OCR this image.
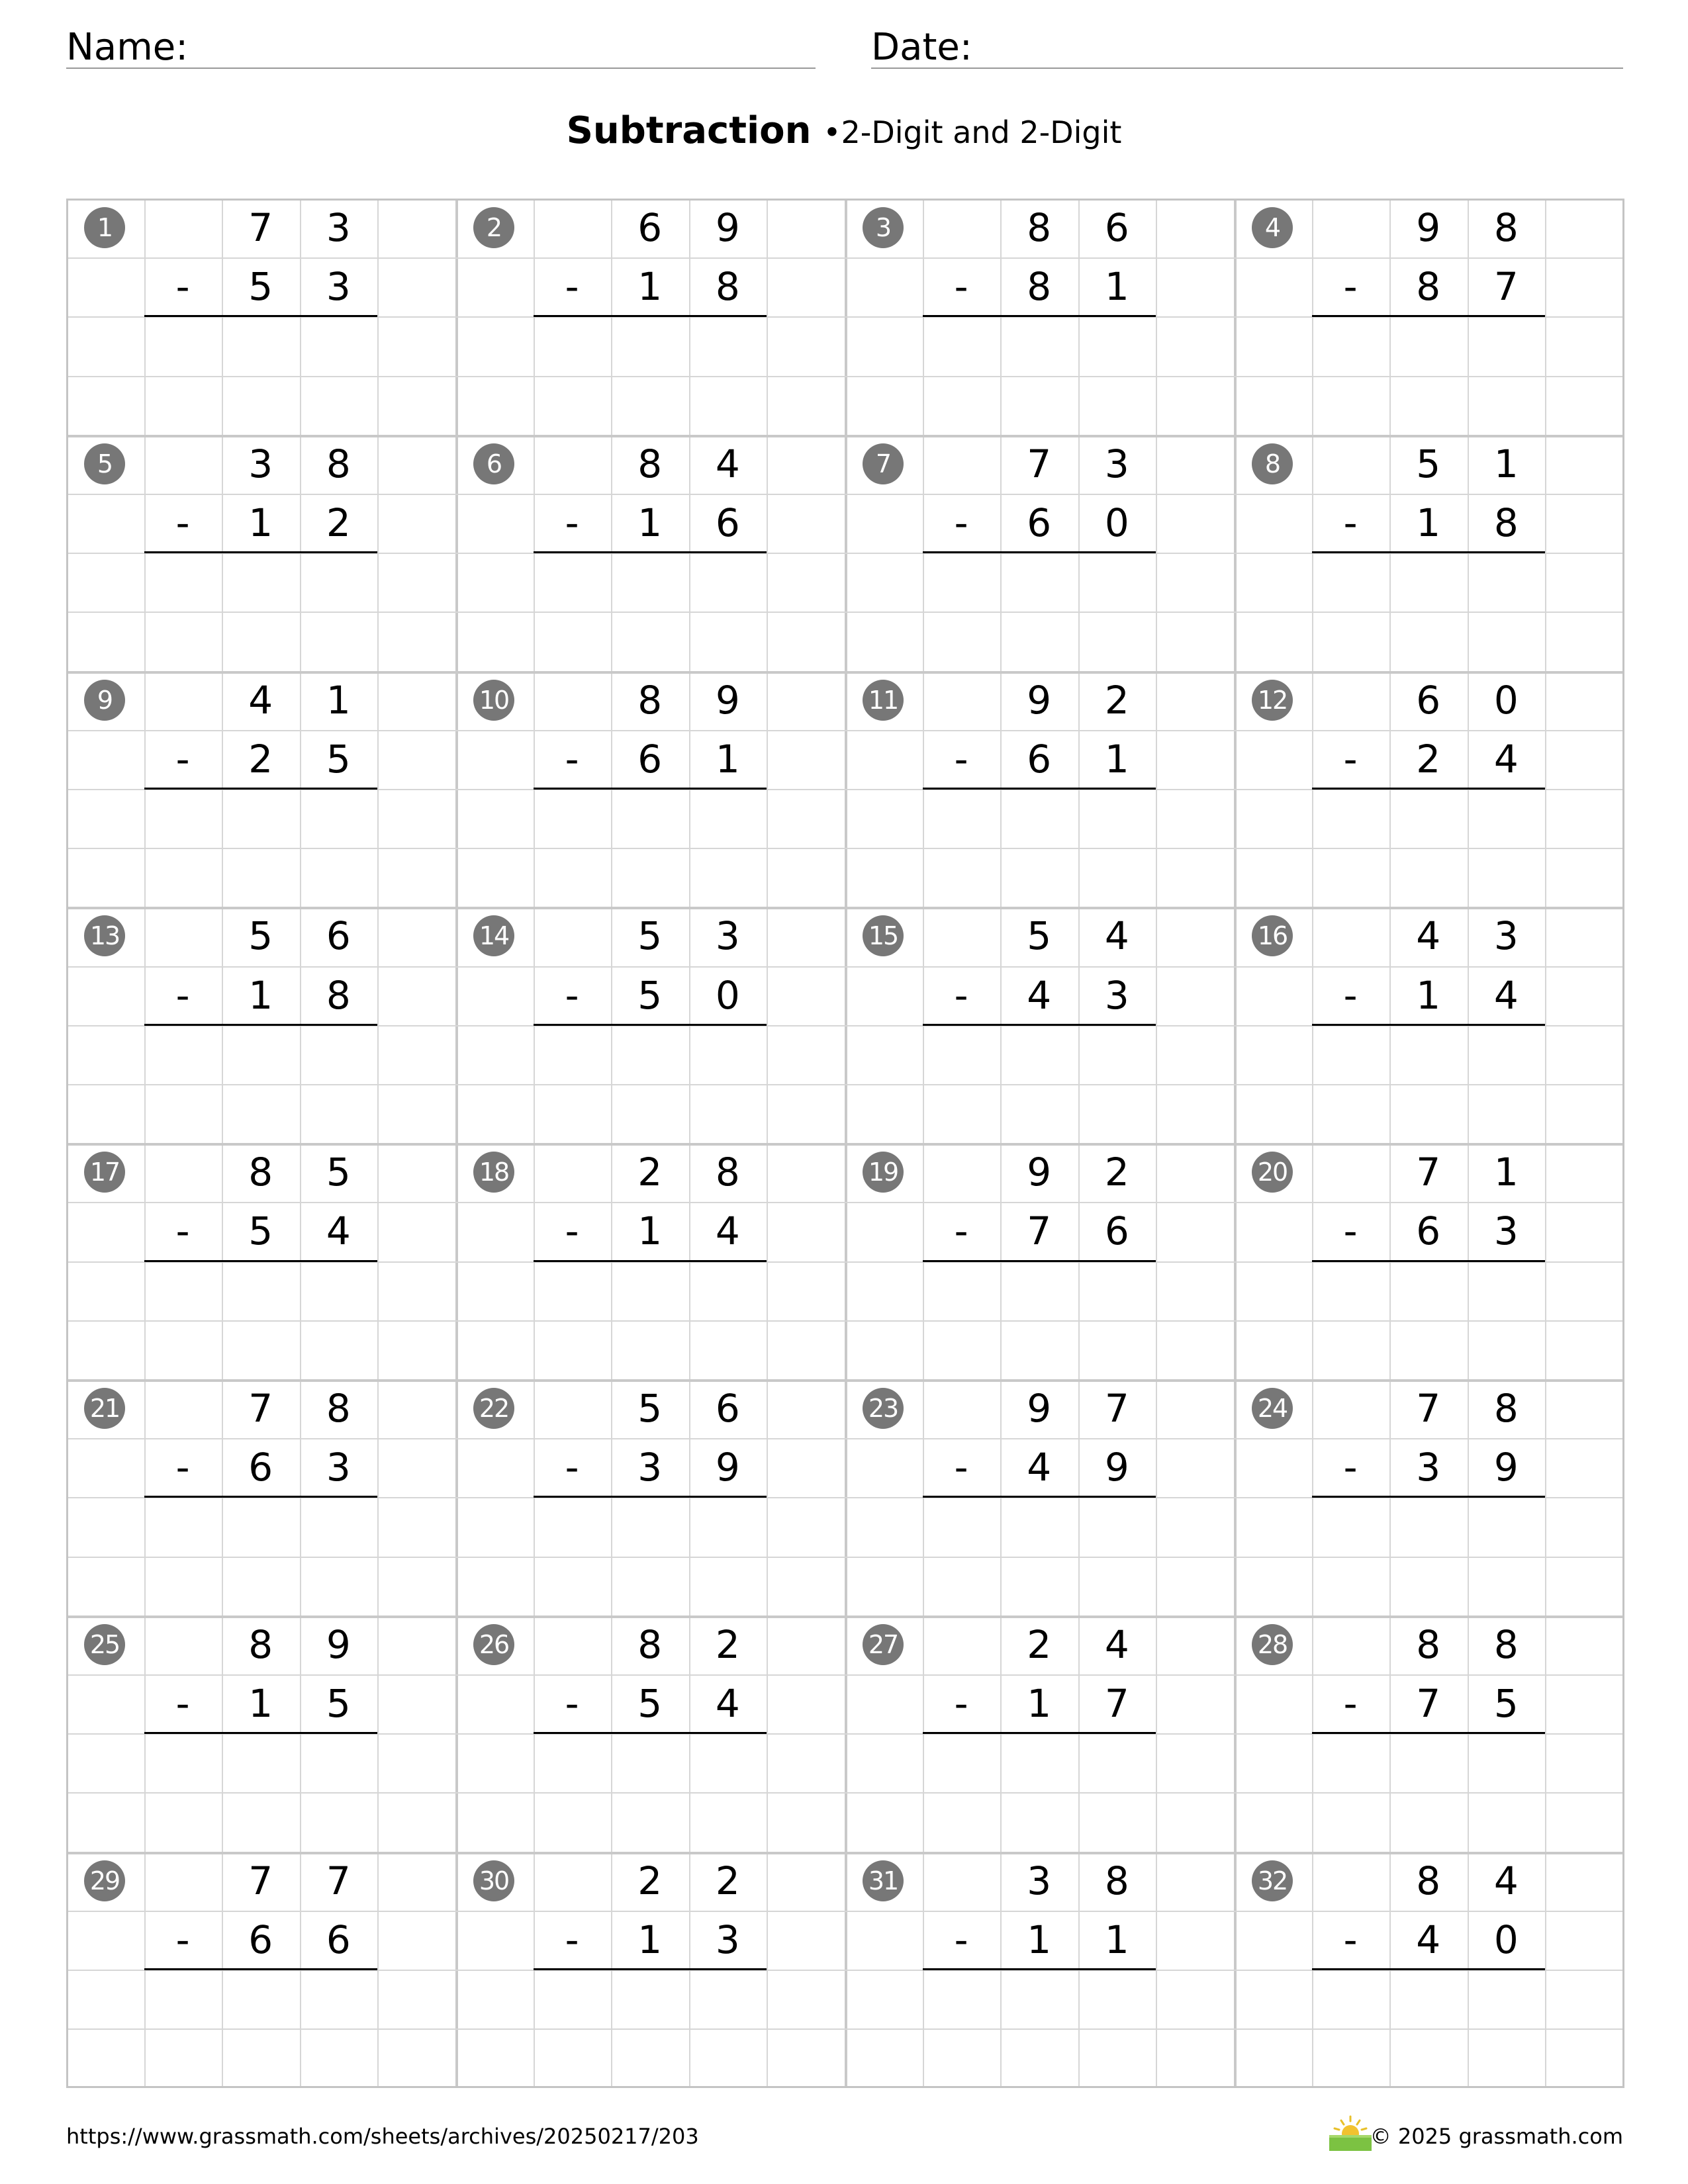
Name:	Date:
Subtraction •2-Digit and 2-Digit
1	7	3
-	5	3
2	6	9
-	1	8
3	8	6
-	8	1
4	9	8
-	8	7
5	3	8
-	1	2
6	8	4
-	1	6
7	7	3
-	6	0
8	5	1
-	1	8
9	4	1
-	2	5
10	8	9
-	6	1
11	9	2
-	6	1
12	6	0
-	2	4
13	5	6
-	1	8
14	5	3
-	5	0
15	5	4
-	4	3
16	4	3
-	1	4
17	8	5
-	5	4
18	2	8
-	1	4
19	9	2
-	7	6
20	7	1
-	6	3
21	7	8
-	6	3
22	5	6
-	3	9
23	9	7
-	4	9
24	7	8
-	3	9
25	8	9
-	1	5
26	8	2
-	5	4
27	2	4
-	1	7
28	8	8
-	7	5
29	7	7
-	6	6
30	2	2
-	1	3
31	3	8
-	1	1
32	8	4
-	4	0
https://www.grassmath.com/sheets/archives/20250217/203	© 2025 grassmath.com
